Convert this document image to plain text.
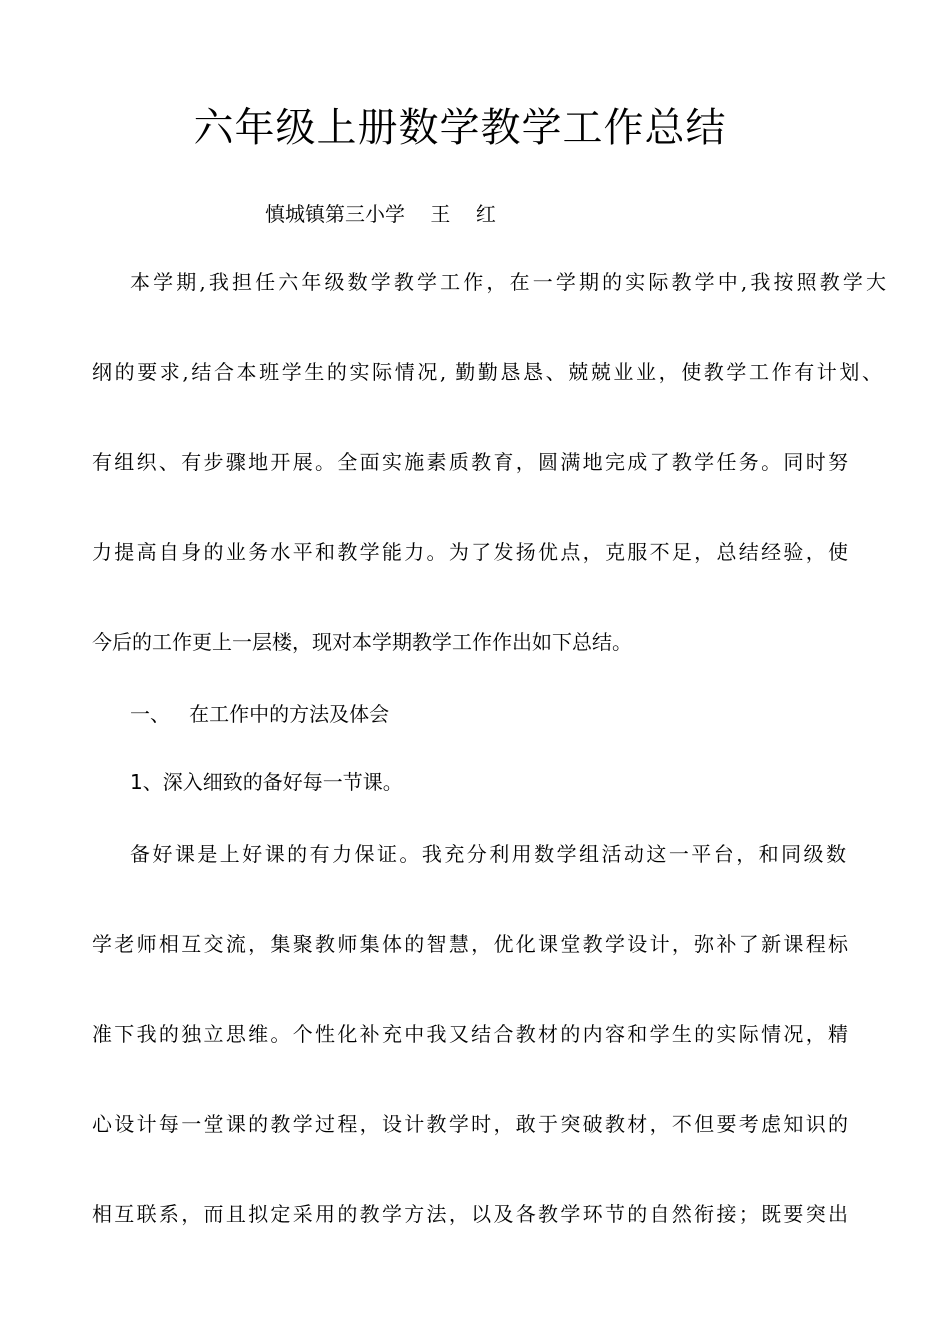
六年级上册数学教学工作总结
慎城镇第三小学    王    红
本学期,我担任六年级数学教学工作，在一学期的实际教学中,我按照教学大
纲的要求,结合本班学生的实际情况, 勤勤恳恳、兢兢业业，使教学工作有计划、
有组织、有步骤地开展。全面实施素质教育，圆满地完成了教学任务。同时努
力提高自身的业务水平和教学能力。为了发扬优点，克服不足，总结经验，使
今后的工作更上一层楼，现对本学期教学工作作出如下总结。
一、   在工作中的方法及体会
1、深入细致的备好每一节课。
备好课是上好课的有力保证。我充分利用数学组活动这一平台，和同级数
学老师相互交流，集聚教师集体的智慧，优化课堂教学设计，弥补了新课程标
准下我的独立思维。个性化补充中我又结合教材的内容和学生的实际情况，精
心设计每一堂课的教学过程，设计教学时，敢于突破教材，不但要考虑知识的
相互联系，而且拟定采用的教学方法，以及各教学环节的自然衔接；既要突出
